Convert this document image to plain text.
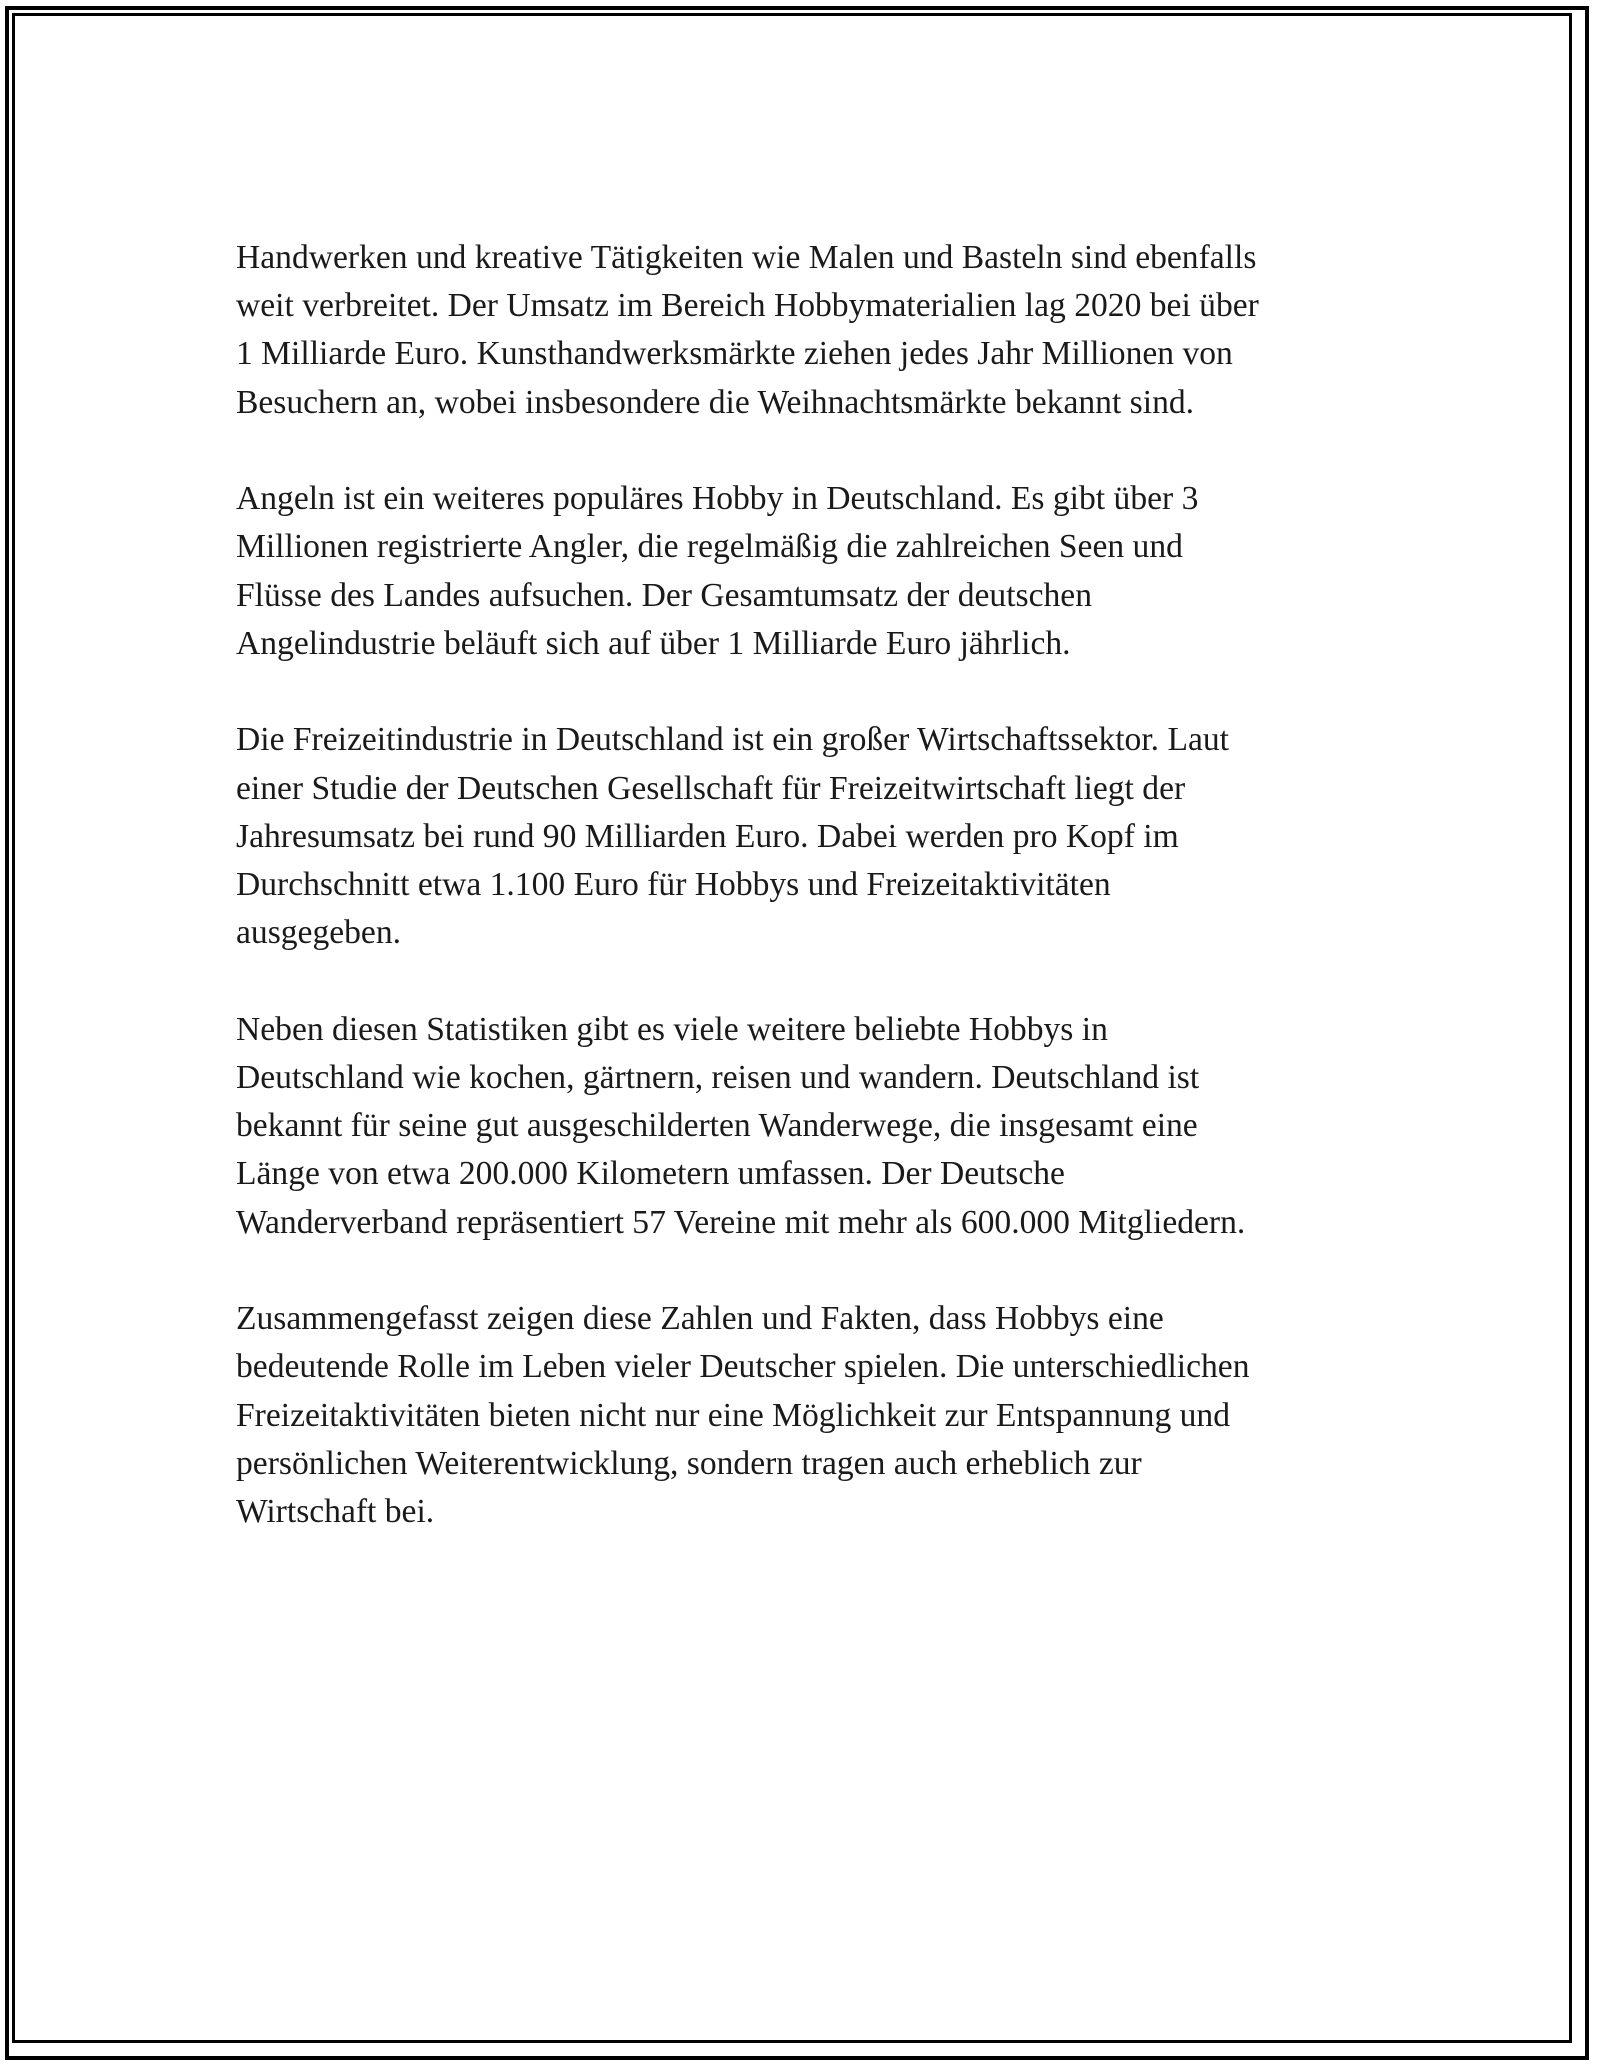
Handwerken und kreative Tätigkeiten wie Malen und Basteln sind ebenfalls
weit verbreitet. Der Umsatz im Bereich Hobbymaterialien lag 2020 bei über
1 Milliarde Euro. Kunsthandwerksmärkte ziehen jedes Jahr Millionen von
Besuchern an, wobei insbesondere die Weihnachtsmärkte bekannt sind.

Angeln ist ein weiteres populäres Hobby in Deutschland. Es gibt über 3
Millionen registrierte Angler, die regelmäßig die zahlreichen Seen und
Flüsse des Landes aufsuchen. Der Gesamtumsatz der deutschen
Angelindustrie beläuft sich auf über 1 Milliarde Euro jährlich.

Die Freizeitindustrie in Deutschland ist ein großer Wirtschaftssektor. Laut
einer Studie der Deutschen Gesellschaft für Freizeitwirtschaft liegt der
Jahresumsatz bei rund 90 Milliarden Euro. Dabei werden pro Kopf im
Durchschnitt etwa 1.100 Euro für Hobbys und Freizeitaktivitäten
ausgegeben.

Neben diesen Statistiken gibt es viele weitere beliebte Hobbys in
Deutschland wie kochen, gärtnern, reisen und wandern. Deutschland ist
bekannt für seine gut ausgeschilderten Wanderwege, die insgesamt eine
Länge von etwa 200.000 Kilometern umfassen. Der Deutsche
Wanderverband repräsentiert 57 Vereine mit mehr als 600.000 Mitgliedern.

Zusammengefasst zeigen diese Zahlen und Fakten, dass Hobbys eine
bedeutende Rolle im Leben vieler Deutscher spielen. Die unterschiedlichen
Freizeitaktivitäten bieten nicht nur eine Möglichkeit zur Entspannung und
persönlichen Weiterentwicklung, sondern tragen auch erheblich zur
Wirtschaft bei.
